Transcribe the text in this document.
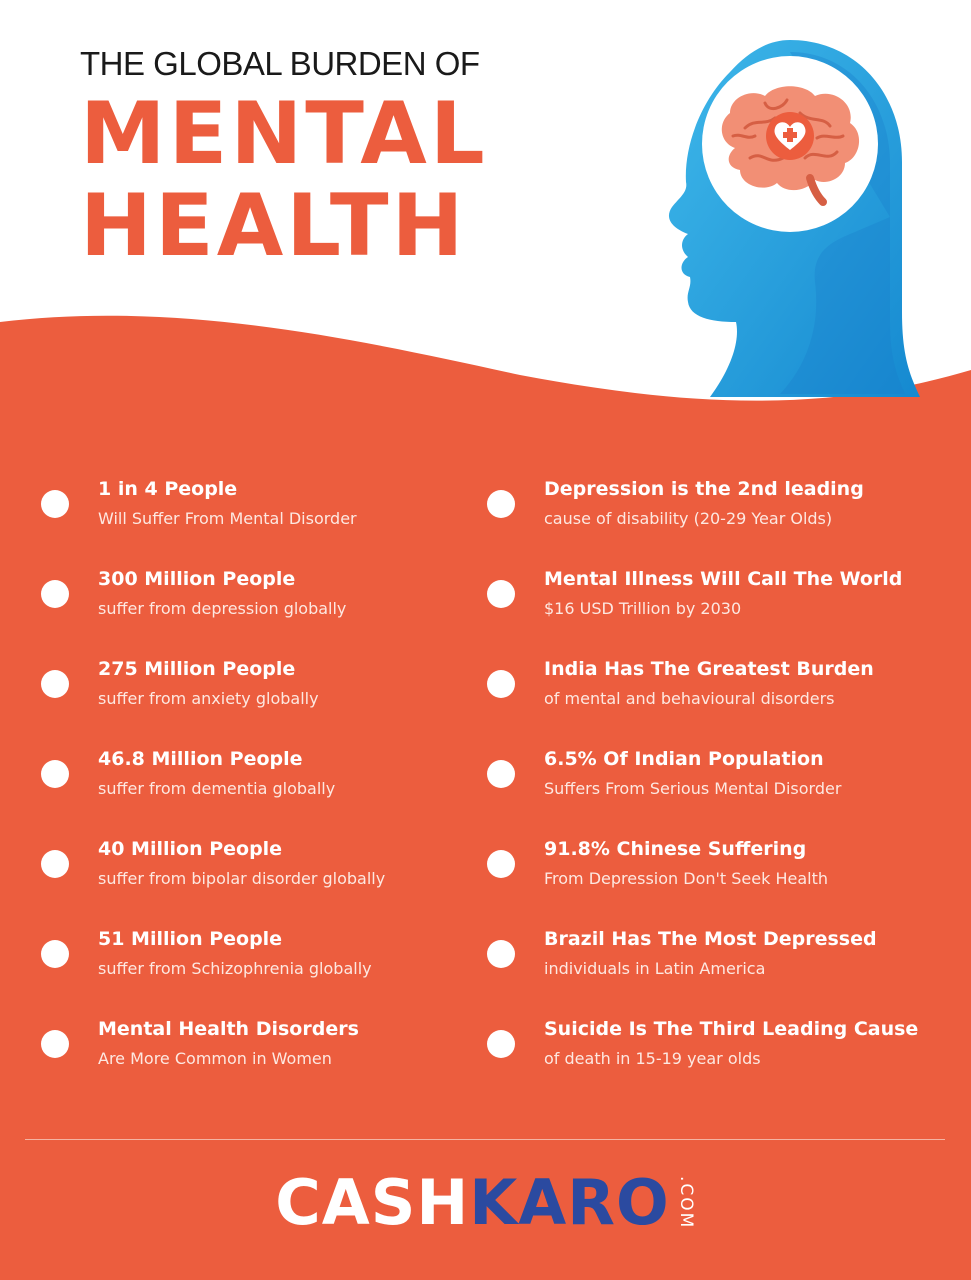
THE GLOBAL BURDEN OF
MENTAL
HEALTH
1 in 4 People
Will Suffer From Mental Disorder
300 Million People
suffer from depression globally
275 Million People
suffer from anxiety globally
46.8 Million People
suffer from dementia globally
40 Million People
suffer from bipolar disorder globally
51 Million People
suffer from Schizophrenia globally
Mental Health Disorders
Are More Common in Women
Depression is the 2nd leading
cause of disability (20-29 Year Olds)
Mental Illness Will Call The World
$16 USD Trillion by 2030
India Has The Greatest Burden
of mental and behavioural disorders
6.5% Of Indian Population
Suffers From Serious Mental Disorder
91.8% Chinese Suffering
From Depression Don't Seek Health
Brazil Has The Most Depressed
individuals in Latin America
Suicide Is The Third Leading Cause
of death in 15-19 year olds
CASH KARO .COM
